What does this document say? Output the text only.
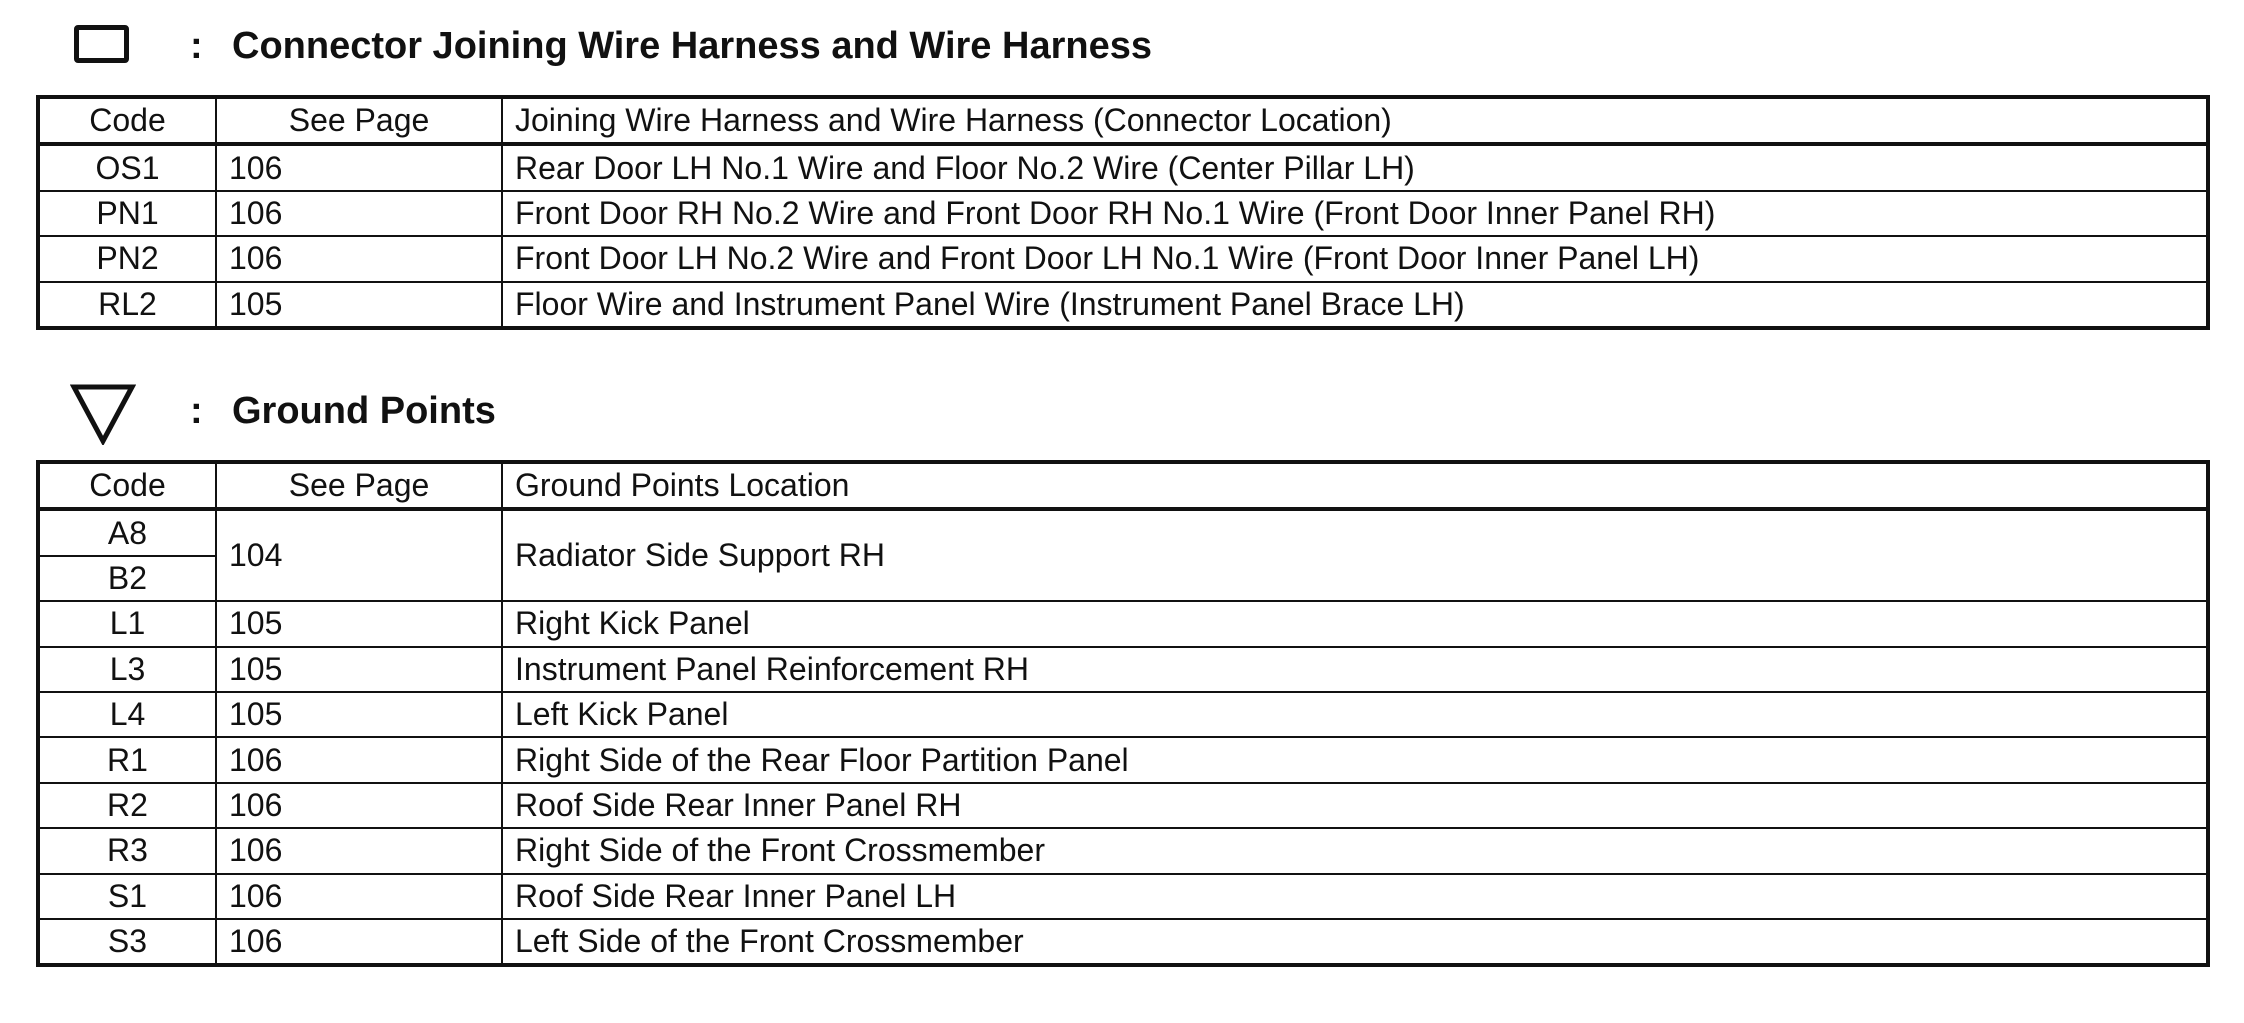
: Connector Joining Wire Harness and Wire Harness
Code	See Page	Joining Wire Harness and Wire Harness (Connector Location)
OS1	106	Rear Door LH No.1 Wire and Floor No.2 Wire (Center Pillar LH)
PN1	106	Front Door RH No.2 Wire and Front Door RH No.1 Wire (Front Door Inner Panel RH)
PN2	106	Front Door LH No.2 Wire and Front Door LH No.1 Wire (Front Door Inner Panel LH)
RL2	105	Floor Wire and Instrument Panel Wire (Instrument Panel Brace LH)
: Ground Points
Code	See Page	Ground Points Location
A8	104	Radiator Side Support RH
B2		
L1	105	Right Kick Panel
L3	105	Instrument Panel Reinforcement RH
L4	105	Left Kick Panel
R1	106	Right Side of the Rear Floor Partition Panel
R2	106	Roof Side Rear Inner Panel RH
R3	106	Right Side of the Front Crossmember
S1	106	Roof Side Rear Inner Panel LH
S3	106	Left Side of the Front Crossmember
